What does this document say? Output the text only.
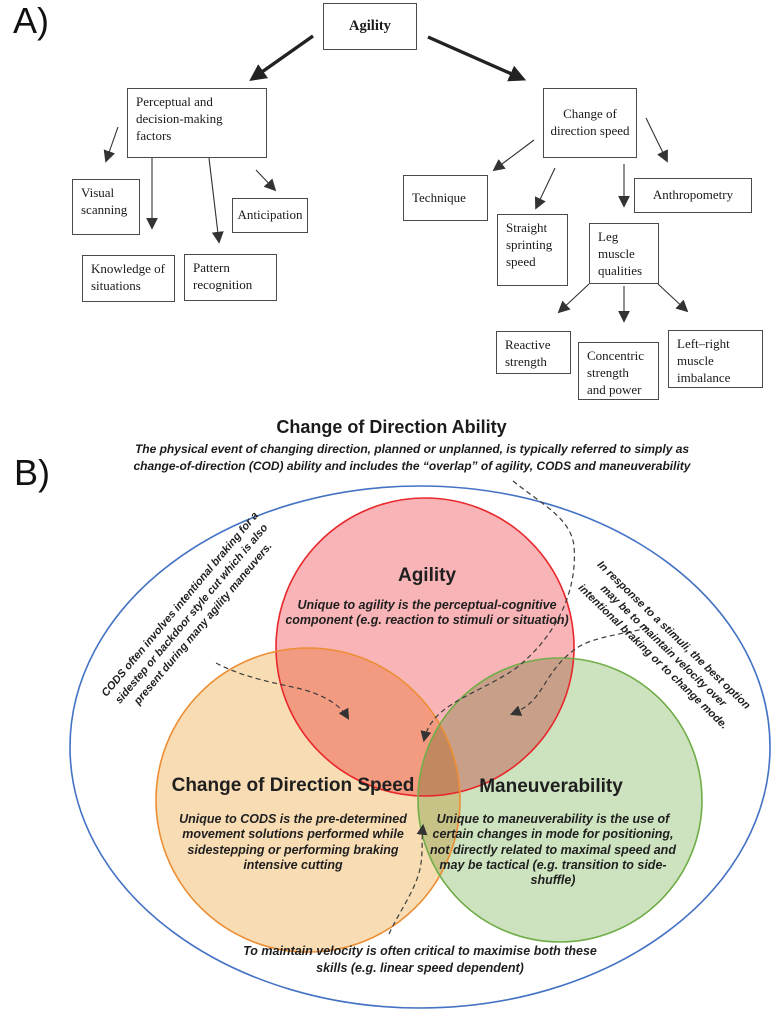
A)	Agility
Perceptual and decision-making factors
Change of direction speed
Visual scanning
Knowledge of situations
Pattern recognition
Anticipation
Technique
Straight sprinting speed
Anthropometry
Leg muscle qualities
Reactive strength	Concentric strength and power
Left–right muscle imbalance
B)
Change of Direction Ability
The physical event of changing direction, planned or unplanned, is typically referred to simply as change-of-direction (COD) ability and includes the “overlap” of agility, CODS and maneuverability
Agility
Unique to agility is the perceptual-cognitive component (e.g. reaction to stimuli or situation)
Change of Direction Speed
Unique to CODS is the pre-determined movement solutions performed while sidestepping or performing braking intensive cutting
Maneuverability
Unique to maneuverability is the use of certain changes in mode for positioning, not directly related to maximal speed and may be tactical (e.g. transition to side-shuffle)
CODS often involves intentional braking for a sidestep or backdoor style cut which is also present during many agility maneuvers.	In response to a stimuli, the best option may be to maintain velocity over intentional braking or to change mode.
To maintain velocity is often critical to maximise both these skills (e.g. linear speed dependent)
